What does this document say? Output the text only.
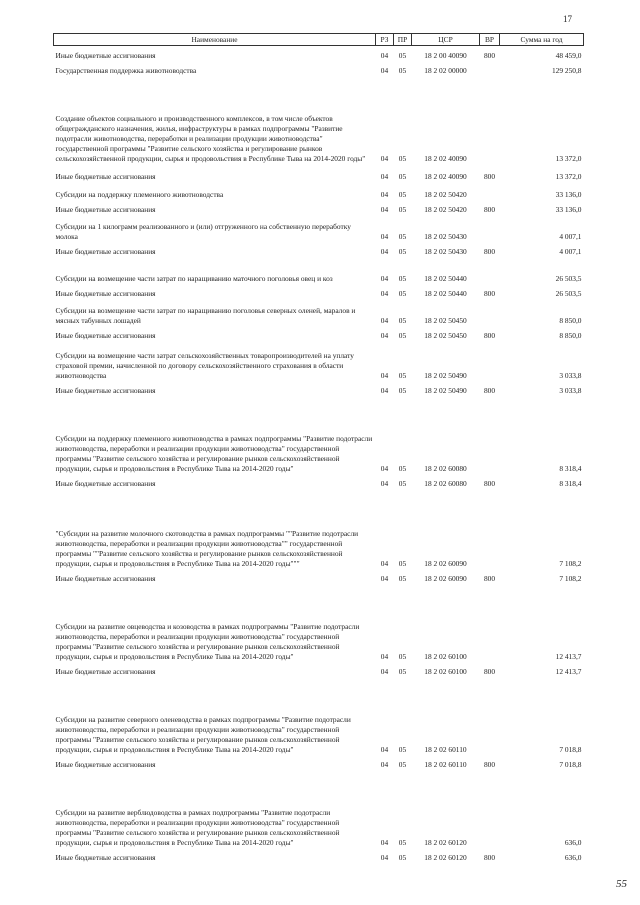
17
Наименование	РЗ	ПР	ЦСР	ВР	Сумма на год
Иные бюджетные ассигнования	04	05	18 2 00 40090	800	48 459,0
Государственная поддержка животноводства	04	05	18 2 02 00000		129 250,8
Создание объектов социального и производственного комплексов, в том числе объектов общегражданского назначения, жилья, инфраструктуры в рамках подпрограммы "Развитие подотрасли животноводства, переработки и реализации продукции животноводства" государственной программы "Развитие сельского хозяйства и регулирование рынков сельскохозяйственной продукции, сырья и продовольствия в Республике Тыва на 2014-2020 годы"	04	05	18 2 02 40090		13 372,0
Иные бюджетные ассигнования	04	05	18 2 02 40090	800	13 372,0
Субсидии на поддержку племенного животноводства	04	05	18 2 02 50420		33 136,0
Иные бюджетные ассигнования	04	05	18 2 02 50420	800	33 136,0
Субсидии на 1 килограмм реализованного и (или) отгруженного на собственную переработку молока	04	05	18 2 02 50430		4 007,1
Иные бюджетные ассигнования	04	05	18 2 02 50430	800	4 007,1
Субсидии на возмещение части затрат по наращиванию маточного поголовья овец и коз	04	05	18 2 02 50440		26 503,5
Иные бюджетные ассигнования	04	05	18 2 02 50440	800	26 503,5
Субсидии на возмещение части затрат по наращиванию поголовья северных оленей, маралов и мясных табунных лошадей	04	05	18 2 02 50450		8 850,0
Иные бюджетные ассигнования	04	05	18 2 02 50450	800	8 850,0
Субсидии на возмещение части затрат сельскохозяйственных товаропроизводителей на уплату страховой премии, начисленной по договору сельскохозяйственного страхования в области животноводства	04	05	18 2 02 50490		3 033,8
Иные бюджетные ассигнования	04	05	18 2 02 50490	800	3 033,8
Субсидии на поддержку племенного животноводства в рамках подпрограммы "Развитие подотрасли животноводства, переработки и реализации продукции животноводства" государственной программы "Развитие сельского хозяйства и регулирование рынков сельскохозяйственной продукции, сырья и продовольствия в Республике Тыва на 2014-2020 годы"	04	05	18 2 02 60080		8 318,4
Иные бюджетные ассигнования	04	05	18 2 02 60080	800	8 318,4
"Субсидии на развитие молочного скотоводства в рамках подпрограммы ""Развитие подотрасли животноводства, переработки и реализации продукции животноводства"" государственной программы ""Развитие сельского хозяйства и регулирование рынков сельскохозяйственной продукции, сырья и продовольствия в Республике Тыва на 2014-2020 годы"""	04	05	18 2 02 60090		7 108,2
Иные бюджетные ассигнования	04	05	18 2 02 60090	800	7 108,2
Субсидии на развитие овцеводства и козоводства в рамках подпрограммы "Развитие подотрасли животноводства, переработки и реализации продукции животноводства" государственной программы "Развитие сельского хозяйства и регулирование рынков сельскохозяйственной продукции, сырья и продовольствия в Республике Тыва на 2014-2020 годы"	04	05	18 2 02 60100		12 413,7
Иные бюджетные ассигнования	04	05	18 2 02 60100	800	12 413,7
Субсидии на развитие северного оленеводства в рамках подпрограммы "Развитие подотрасли животноводства, переработки и реализации продукции животноводства" государственной программы "Развитие сельского хозяйства и регулирование рынков сельскохозяйственной продукции, сырья и продовольствия в Республике Тыва на 2014-2020 годы"	04	05	18 2 02 60110		7 018,8
Иные бюджетные ассигнования	04	05	18 2 02 60110	800	7 018,8
Субсидии на развитие верблюдоводства в рамках подпрограммы "Развитие подотрасли животноводства, переработки и реализации продукции животноводства" государственной программы "Развитие сельского хозяйства и регулирование рынков сельскохозяйственной продукции, сырья и продовольствия в Республике Тыва на 2014-2020 годы"	04	05	18 2 02 60120		636,0
Иные бюджетные ассигнования	04	05	18 2 02 60120	800	636,0
55
